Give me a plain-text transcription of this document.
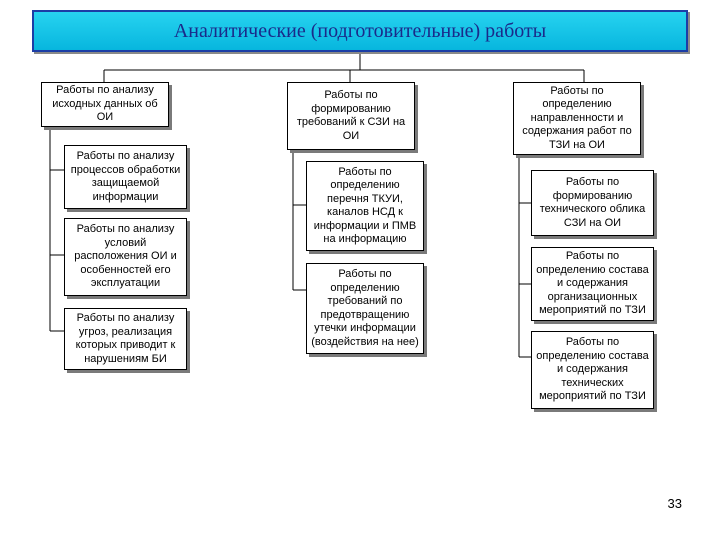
Аналитические (подготовительные) работы
Работы по анализу
исходных данных об
ОИ
Работы по анализу
процессов обработки
защищаемой
информации
Работы по анализу
условий
расположения ОИ и
особенностей его
эксплуатации
Работы по анализу
угроз, реализация
которых приводит к
нарушениям БИ
Работы по
формированию
требований к СЗИ на
ОИ
Работы по
определению
перечня ТКУИ,
каналов НСД к
информации и ПМВ
на информацию
Работы по
определению
требований по
предотвращению
утечки информации
(воздействия на нее)
Работы по
определению
направленности и
содержания работ по
ТЗИ на ОИ
Работы по
формированию
технического облика
СЗИ на ОИ
Работы по
определению состава
и содержания
организационных
мероприятий по ТЗИ
Работы по
определению состава
и содержания
технических
мероприятий по ТЗИ
33
